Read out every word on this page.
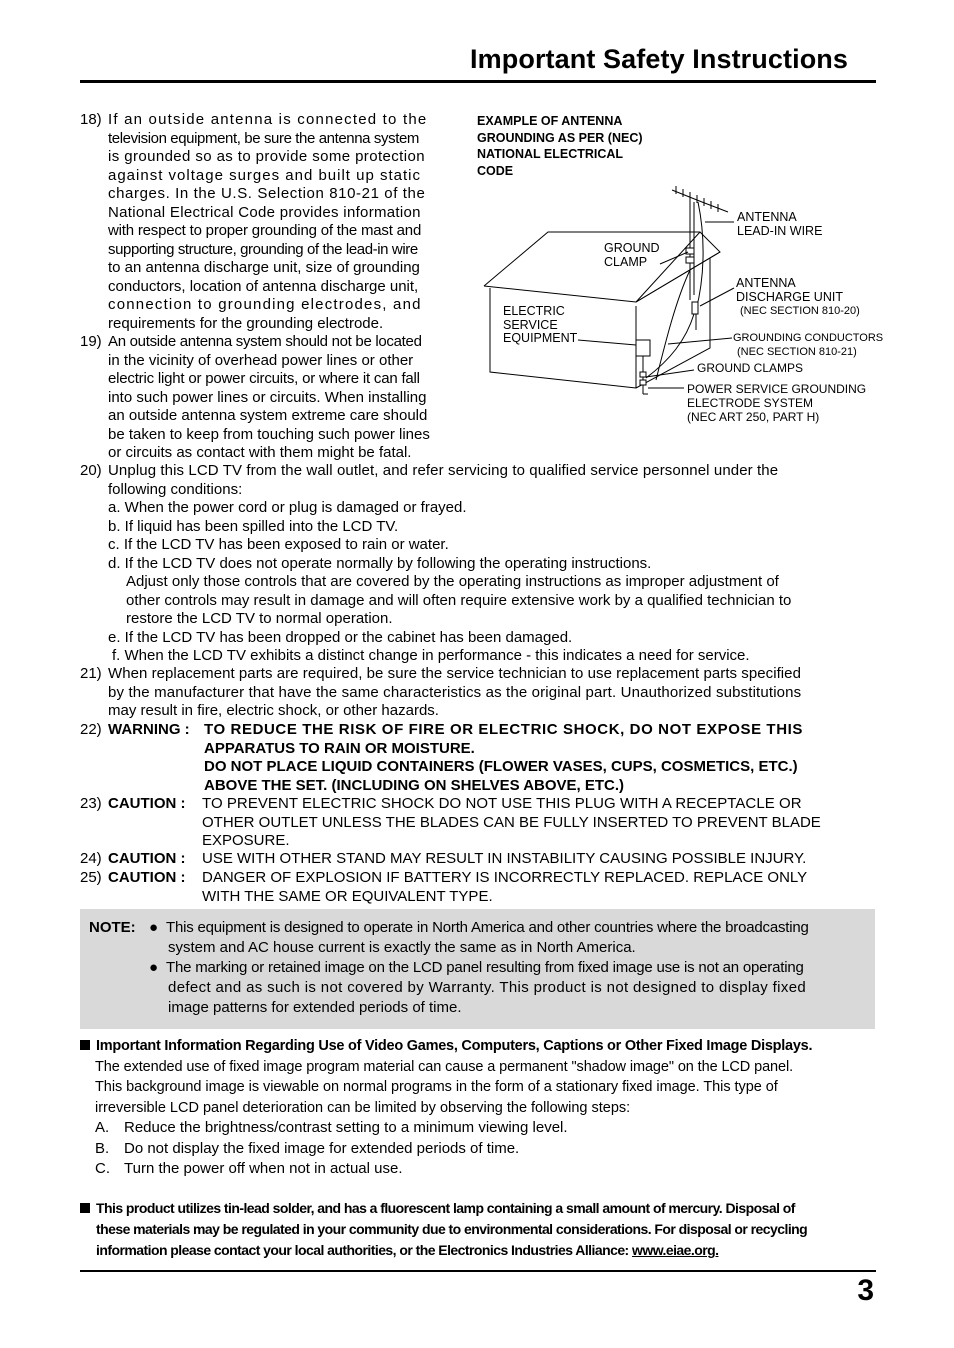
Important Safety Instructions
18) If an outside antenna is connected to the
television equipment, be sure the antenna system
is grounded so as to provide some protection
against voltage surges and built up static
charges. In the U.S. Selection 810-21 of the
National Electrical Code provides information
with respect to proper grounding of the mast and
supporting structure, grounding of the lead-in wire
to an antenna discharge unit, size of grounding
conductors, location of antenna discharge unit,
connection to grounding electrodes, and
requirements for the grounding electrode.
19) An outside antenna system should not be located
in the vicinity of overhead power lines or other
electric light or power circuits, or where it can fall
into such power lines or circuits. When installing
an outside antenna system extreme care should
be taken to keep from touching such power lines
or circuits as contact with them might be fatal.
EXAMPLE OF ANTENNA
GROUNDING AS PER (NEC)
NATIONAL ELECTRICAL
CODE
ANTENNA
LEAD-IN WIRE
GROUND
CLAMP
ANTENNA
DISCHARGE UNIT
(NEC SECTION 810-20)
ELECTRIC
SERVICE
EQUIPMENT	GROUNDING CONDUCTORS
(NEC SECTION 810-21)
GROUND CLAMPS
POWER SERVICE GROUNDING
ELECTRODE SYSTEM
(NEC ART 250, PART H)
20) Unplug this LCD TV from the wall outlet, and refer servicing to qualified service personnel under the
following conditions:
a. When the power cord or plug is damaged or frayed.
b. If liquid has been spilled into the LCD TV.
c. If the LCD TV has been exposed to rain or water.
d. If the LCD TV does not operate normally by following the operating instructions.
Adjust only those controls that are covered by the operating instructions as improper adjustment of
other controls may result in damage and will often require extensive work by a qualified technician to
restore the LCD TV to normal operation.
e. If the LCD TV has been dropped or the cabinet has been damaged.
f. When the LCD TV exhibits a distinct change in performance - this indicates a need for service.
21) When replacement parts are required, be sure the service technician to use replacement parts specified
by the manufacturer that have the same characteristics as the original part. Unauthorized substitutions
may result in fire, electric shock, or other hazards.
22) WARNING : TO REDUCE THE RISK OF FIRE OR ELECTRIC SHOCK, DO NOT EXPOSE THIS
APPARATUS TO RAIN OR MOISTURE.
DO NOT PLACE LIQUID CONTAINERS (FLOWER VASES, CUPS, COSMETICS, ETC.)
ABOVE THE SET. (INCLUDING ON SHELVES ABOVE, ETC.)
23) CAUTION : TO PREVENT ELECTRIC SHOCK DO NOT USE THIS PLUG WITH A RECEPTACLE OR
OTHER OUTLET UNLESS THE BLADES CAN BE FULLY INSERTED TO PREVENT BLADE
EXPOSURE.
24) CAUTION : USE WITH OTHER STAND MAY RESULT IN INSTABILITY CAUSING POSSIBLE INJURY.
25) CAUTION : DANGER OF EXPLOSION IF BATTERY IS INCORRECTLY REPLACED. REPLACE ONLY
WITH THE SAME OR EQUIVALENT TYPE.
NOTE: ● This equipment is designed to operate in North America and other countries where the broadcasting
system and AC house current is exactly the same as in North America.
● The marking or retained image on the LCD panel resulting from fixed image use is not an operating
defect and as such is not covered by Warranty. This product is not designed to display fixed
image patterns for extended periods of time.
Important Information Regarding Use of Video Games, Computers, Captions or Other Fixed Image Displays.
The extended use of fixed image program material can cause a permanent "shadow image" on the LCD panel.
This background image is viewable on normal programs in the form of a stationary fixed image. This type of
irreversible LCD panel deterioration can be limited by observing the following steps:
A. Reduce the brightness/contrast setting to a minimum viewing level.
B. Do not display the fixed image for extended periods of time.
C. Turn the power off when not in actual use.
This product utilizes tin-lead solder, and has a fluorescent lamp containing a small amount of mercury. Disposal of
these materials may be regulated in your community due to environmental considerations. For disposal or recycling
information please contact your local authorities, or the Electronics Industries Alliance: www.eiae.org.
3
